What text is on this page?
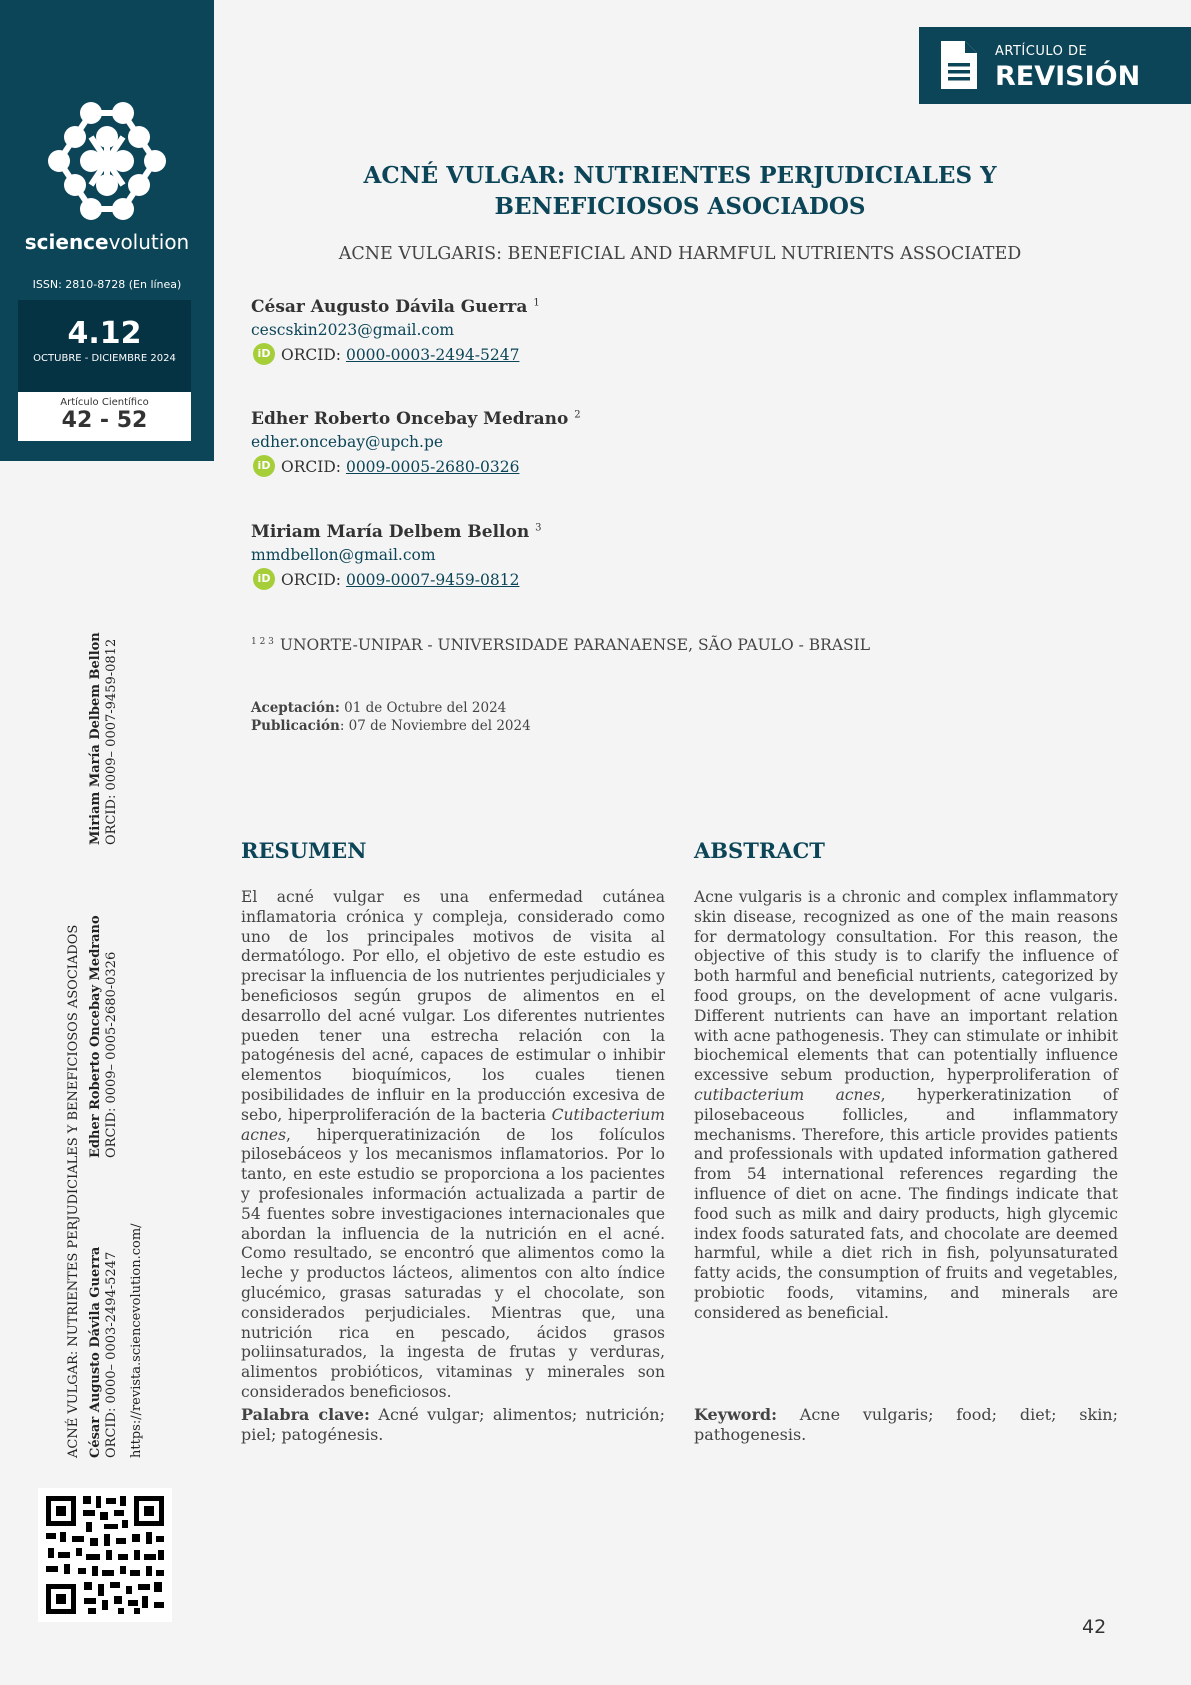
sciencevolution
ISSN: 2810-8728 (En línea)
4.12
OCTUBRE - DICIEMBRE 2024
Artículo Científico
42 - 52
ARTÍCULO DE
REVISIÓN
ACNÉ VULGAR: NUTRIENTES PERJUDICIALES Y BENEFICIOSOS ASOCIADOS
ACNE VULGARIS: BENEFICIAL AND HARMFUL NUTRIENTS ASSOCIATED
César Augusto Dávila Guerra $^1$
cescskin2023@gmail.com
iD ORCID: 0000-0003-2494-5247
Edher Roberto Oncebay Medrano $^2$
edher.oncebay@upch.pe
iD ORCID: 0009-0005-2680-0326
Miriam María Delbem Bellon $^3$
mmdbellon@gmail.com
iD ORCID: 0009-0007-9459-0812
$^{1 2 3}$ UNORTE-UNIPAR - UNIVERSIDADE PARANAENSE, SÃO PAULO - BRASIL
Aceptación: 01 de Octubre del 2024
Publicación: 07 de Noviembre del 2024
RESUMEN
El acné vulgar es una enfermedad cutánea inflamatoria crónica y compleja, considerado como uno de los principales motivos de visita al dermatólogo. Por ello, el objetivo de este estudio es precisar la influencia de los nutrientes perjudiciales y beneficiosos según grupos de alimentos en el desarrollo del acné vulgar. Los diferentes nutrientes pueden tener una estrecha relación con la patogénesis del acné, capaces de estimular o inhibir elementos bioquímicos, los cuales tienen posibilidades de influir en la producción excesiva de sebo, hiperproliferación de la bacteria Cutibacterium acnes, hiperqueratinización de los folículos pilosebáceos y los mecanismos inflamatorios. Por lo tanto, en este estudio se proporciona a los pacientes y profesionales información actualizada a partir de 54 fuentes sobre investigaciones internacionales que abordan la influencia de la nutrición en el acné. Como resultado, se encontró que alimentos como la leche y productos lácteos, alimentos con alto índice glucémico, grasas saturadas y el chocolate, son considerados perjudiciales. Mientras que, una nutrición rica en pescado, ácidos grasos poliinsaturados, la ingesta de frutas y verduras, alimentos probióticos, vitaminas y minerales son considerados beneficiosos.
Palabra clave: Acné vulgar; alimentos; nutrición; piel; patogénesis.
ABSTRACT
Acne vulgaris is a chronic and complex inflammatory skin disease, recognized as one of the main reasons for dermatology consultation. For this reason, the objective of this study is to clarify the influence of both harmful and beneficial nutrients, categorized by food groups, on the development of acne vulgaris. Different nutrients can have an important relation with acne pathogenesis. They can stimulate or inhibit biochemical elements that can potentially influence excessive sebum production, hyperproliferation of cutibacterium acnes, hyperkeratinization of pilosebaceous follicles, and inflammatory mechanisms. Therefore, this article provides patients and professionals with updated information gathered from 54 international references regarding the influence of diet on acne. The findings indicate that food such as milk and dairy products, high glycemic index foods saturated fats, and chocolate are deemed harmful, while a diet rich in fish, polyunsaturated fatty acids, the consumption of fruits and vegetables, probiotic foods, vitamins, and minerals are considered as beneficial.
Keyword: Acne vulgaris; food; diet; skin; pathogenesis.
ACNÉ VULGAR: NUTRIENTES PERJUDICIALES Y BENEFICIOSOS ASOCIADOS César Augusto Dávila Guerra ORCID: 0000– 0003-2494-5247 https://revista.sciencevolution.com/
Edher Roberto Oncebay Medrano ORCID: 0009– 0005-2680-0326
Miriam María Delbem Bellon ORCID: 0009– 0007-9459-0812
42
